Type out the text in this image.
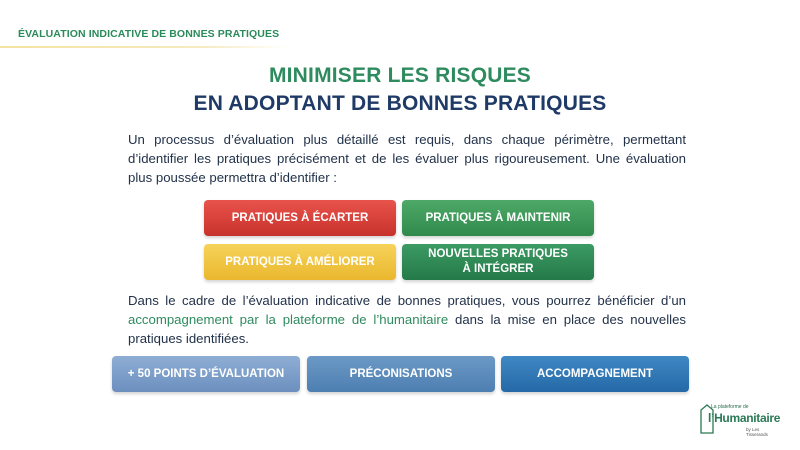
ÉVALUATION INDICATIVE DE BONNES PRATIQUES
MINIMISER LES RISQUES
EN ADOPTANT DE BONNES PRATIQUES
Un processus d’évaluation plus détaillé est requis, dans chaque périmètre, permettant d’identifier les pratiques précisément et de les évaluer plus rigoureusement. Une évaluation plus poussée permettra d’identifier :
PRATIQUES À ÉCARTER	PRATIQUES À MAINTENIR
PRATIQUES À AMÉLIORER
NOUVELLES PRATIQUES
À INTÉGRER
Dans le cadre de l’évaluation indicative de bonnes pratiques, vous pourrez bénéficier d’un accompagnement par la plateforme de l’humanitaire dans la mise en place des nouvelles pratiques identifiées.
+ 50 POINTS D’ÉVALUATION	PRÉCONISATIONS	ACCOMPAGNEMENT
La plateforme de
l’Humanitaire
by Les Tisserands
